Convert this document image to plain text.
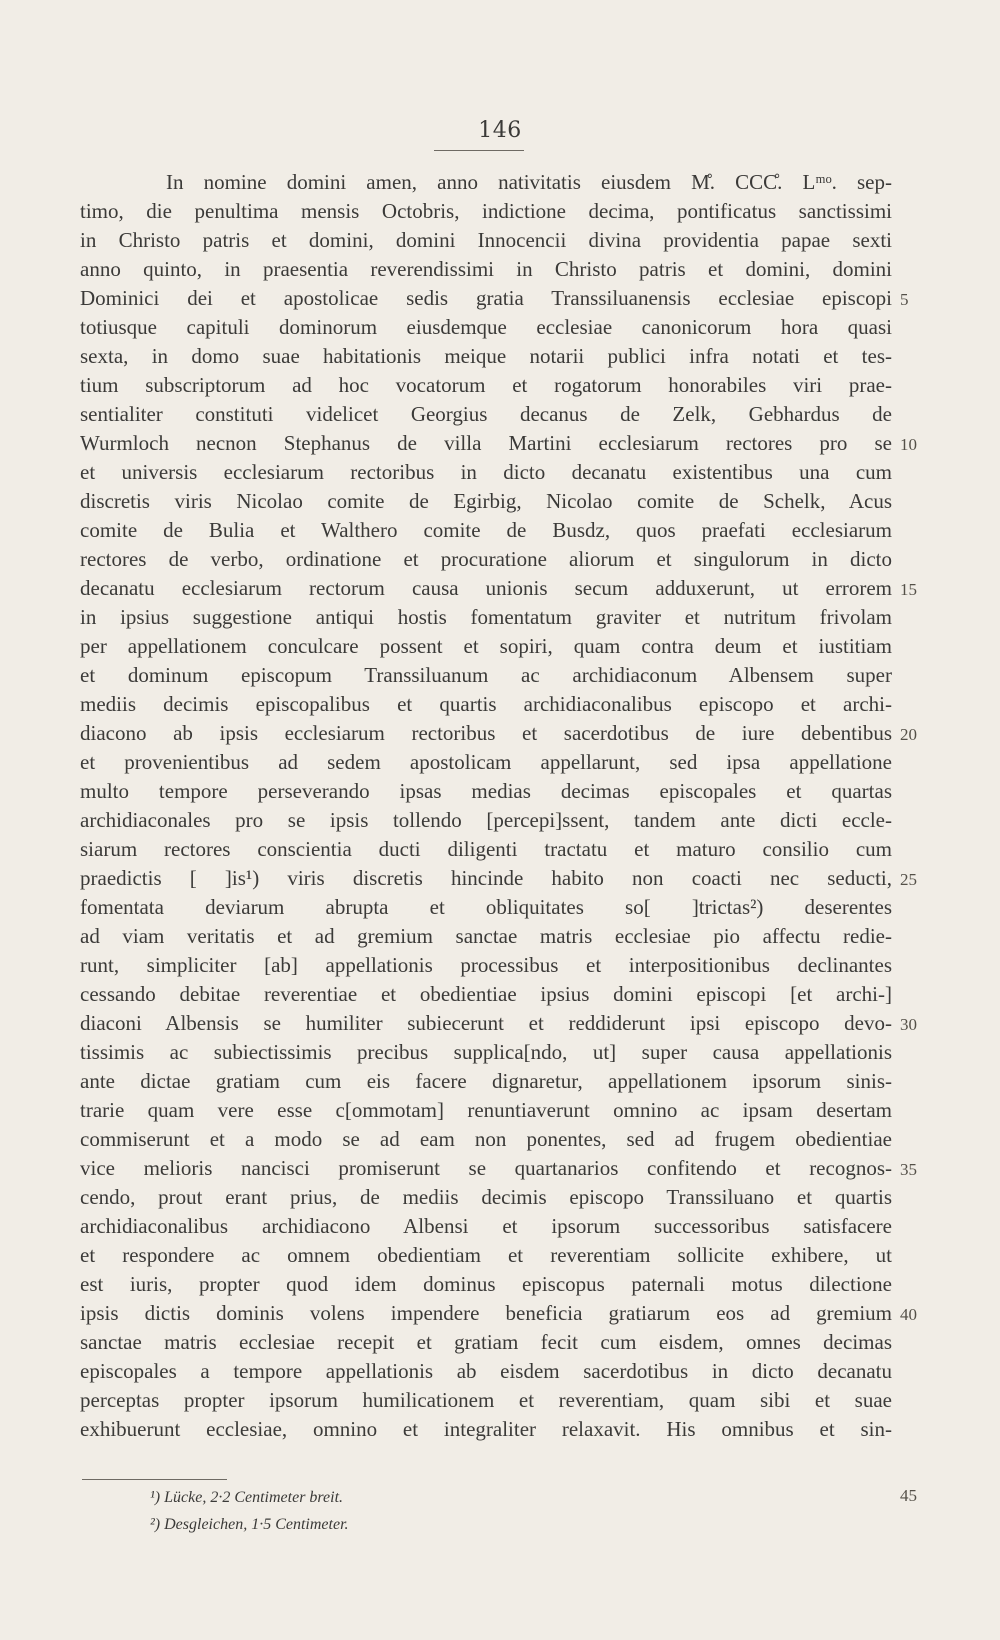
146
In nomine domini amen, anno nativitatis eiusdem M̊. CCC̊. Lᵐᵒ. sep-
timo, die penultima mensis Octobris, indictione decima, pontificatus sanctissimi
in Christo patris et domini, domini Innocencii divina providentia papae sexti
anno quinto, in praesentia reverendissimi in Christo patris et domini, domini
Dominici dei et apostolicae sedis gratia Transsiluanensis ecclesiae episcopi
totiusque capituli dominorum eiusdemque ecclesiae canonicorum hora quasi
sexta, in domo suae habitationis meique notarii publici infra notati et tes-
tium subscriptorum ad hoc vocatorum et rogatorum honorabiles viri prae-
sentialiter constituti videlicet Georgius decanus de Zelk, Gebhardus de
Wurmloch necnon Stephanus de villa Martini ecclesiarum rectores pro se
et universis ecclesiarum rectoribus in dicto decanatu existentibus una cum
discretis viris Nicolao comite de Egirbig, Nicolao comite de Schelk, Acus
comite de Bulia et Walthero comite de Busdz, quos praefati ecclesiarum
rectores de verbo, ordinatione et procuratione aliorum et singulorum in dicto
decanatu ecclesiarum rectorum causa unionis secum adduxerunt, ut errorem
in ipsius suggestione antiqui hostis fomentatum graviter et nutritum frivolam
per appellationem conculcare possent et sopiri, quam contra deum et iustitiam
et dominum episcopum Transsiluanum ac archidiaconum Albensem super
mediis decimis episcopalibus et quartis archidiaconalibus episcopo et archi-
diacono ab ipsis ecclesiarum rectoribus et sacerdotibus de iure debentibus
et provenientibus ad sedem apostolicam appellarunt, sed ipsa appellatione
multo tempore perseverando ipsas medias decimas episcopales et quartas
archidiaconales pro se ipsis tollendo [percepi]ssent, tandem ante dicti eccle-
siarum rectores conscientia ducti diligenti tractatu et maturo consilio cum
praedictis [ ]is¹) viris discretis hincinde habito non coacti nec seducti,
fomentata deviarum abrupta et obliquitates so[ ]trictas²) deserentes
ad viam veritatis et ad gremium sanctae matris ecclesiae pio affectu redie-
runt, simpliciter [ab] appellationis processibus et interpositionibus declinantes
cessando debitae reverentiae et obedientiae ipsius domini episcopi [et archi-]
diaconi Albensis se humiliter subiecerunt et reddiderunt ipsi episcopo devo-
tissimis ac subiectissimis precibus supplica[ndo, ut] super causa appellationis
ante dictae gratiam cum eis facere dignaretur, appellationem ipsorum sinis-
trarie quam vere esse c[ommotam] renuntiaverunt omnino ac ipsam desertam
commiserunt et a modo se ad eam non ponentes, sed ad frugem obedientiae
vice melioris nancisci promiserunt se quartanarios confitendo et recognos-
cendo, prout erant prius, de mediis decimis episcopo Transsiluano et quartis
archidiaconalibus archidiacono Albensi et ipsorum successoribus satisfacere
et respondere ac omnem obedientiam et reverentiam sollicite exhibere, ut
est iuris, propter quod idem dominus episcopus paternali motus dilectione
ipsis dictis dominis volens impendere beneficia gratiarum eos ad gremium
sanctae matris ecclesiae recepit et gratiam fecit cum eisdem, omnes decimas
episcopales a tempore appellationis ab eisdem sacerdotibus in dicto decanatu
perceptas propter ipsorum humilicationem et reverentiam, quam sibi et suae
exhibuerunt ecclesiae, omnino et integraliter relaxavit. His omnibus et sin-
5
10
15
20
25
30
35
40
45
¹) Lücke, 2·2 Centimeter breit.
²) Desgleichen, 1·5 Centimeter.
